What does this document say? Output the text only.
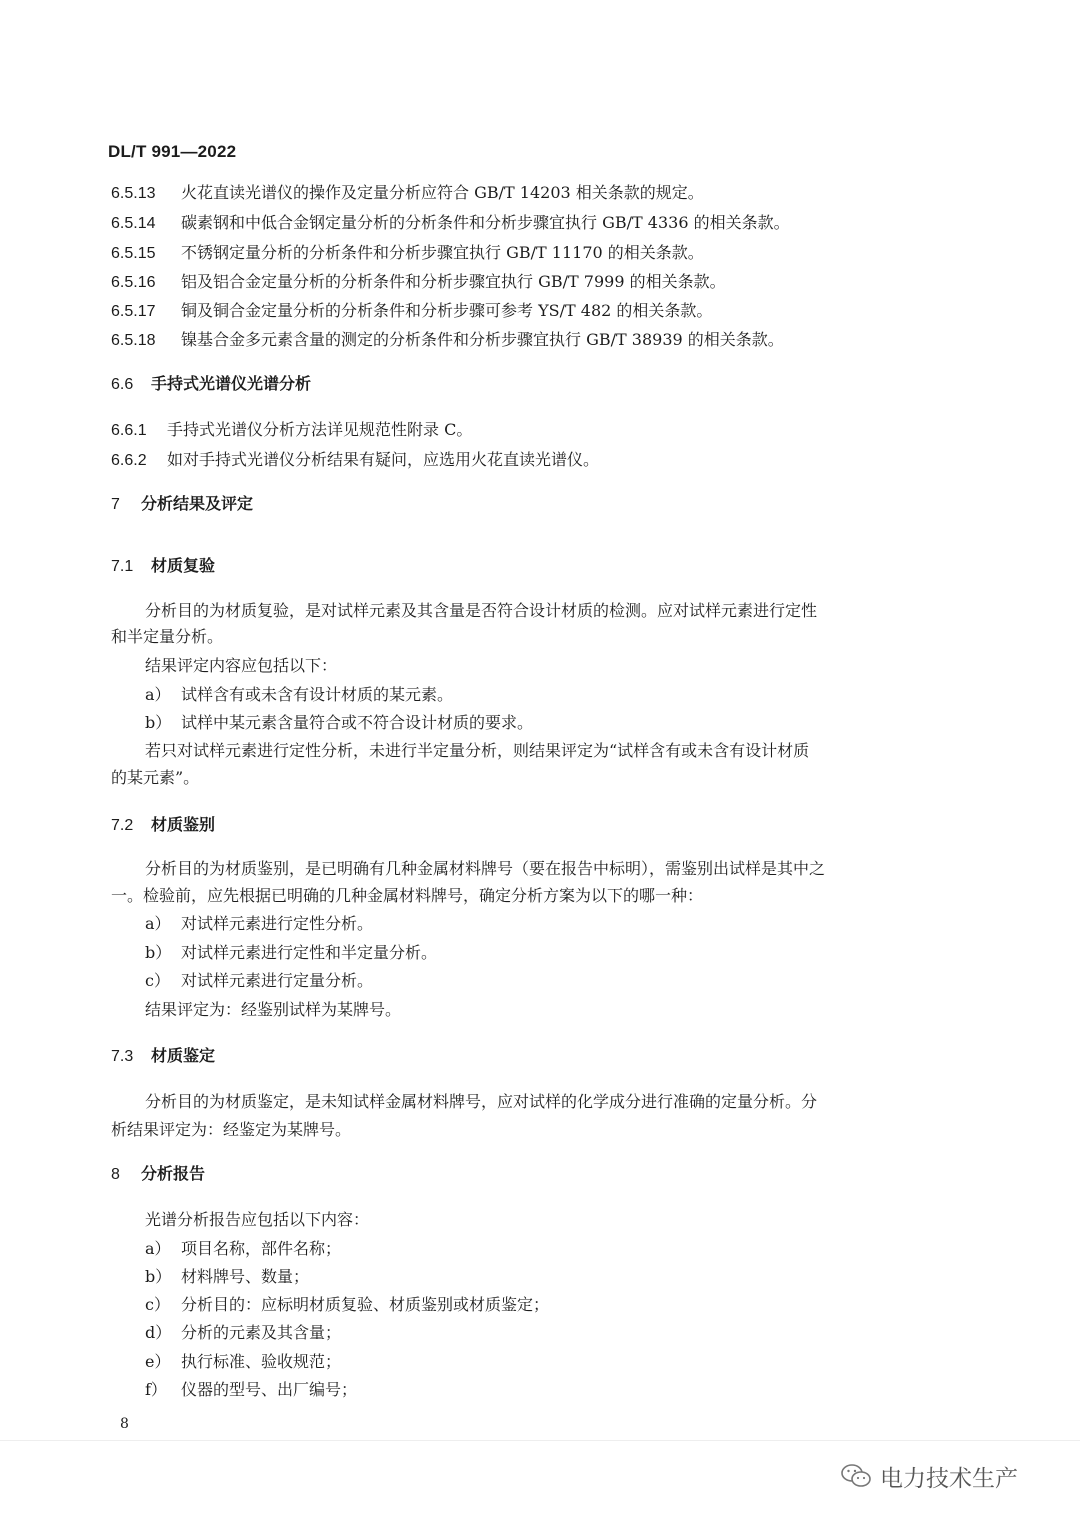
DL/T 991—2022
6.5.13 火花直读光谱仪的操作及定量分析应符合 GB/T 14203 相关条款的规定。
6.5.14 碳素钢和中低合金钢定量分析的分析条件和分析步骤宜执行 GB/T 4336 的相关条款。
6.5.15 不锈钢定量分析的分析条件和分析步骤宜执行 GB/T 11170 的相关条款。
6.5.16 铝及铝合金定量分析的分析条件和分析步骤宜执行 GB/T 7999 的相关条款。
6.5.17 铜及铜合金定量分析的分析条件和分析步骤可参考 YS/T 482 的相关条款。
6.5.18 镍基合金多元素含量的测定的分析条件和分析步骤宜执行 GB/T 38939 的相关条款。
6.6 手持式光谱仪光谱分析
6.6.1 手持式光谱仪分析方法详见规范性附录 C。
6.6.2 如对手持式光谱仪分析结果有疑问，应选用火花直读光谱仪。
7 分析结果及评定
7.1 材质复验
分析目的为材质复验，是对试样元素及其含量是否符合设计材质的检测。应对试样元素进行定性
和半定量分析。
结果评定内容应包括以下：
a） 试样含有或未含有设计材质的某元素。
b） 试样中某元素含量符合或不符合设计材质的要求。
若只对试样元素进行定性分析，未进行半定量分析，则结果评定为“试样含有或未含有设计材质
的某元素”。
7.2 材质鉴别
分析目的为材质鉴别，是已明确有几种金属材料牌号（要在报告中标明），需鉴别出试样是其中之
一。检验前，应先根据已明确的几种金属材料牌号，确定分析方案为以下的哪一种：
a） 对试样元素进行定性分析。
b） 对试样元素进行定性和半定量分析。
c） 对试样元素进行定量分析。
结果评定为：经鉴别试样为某牌号。
7.3 材质鉴定
分析目的为材质鉴定，是未知试样金属材料牌号，应对试样的化学成分进行准确的定量分析。分
析结果评定为：经鉴定为某牌号。
8 分析报告
光谱分析报告应包括以下内容：
a） 项目名称，部件名称；
b） 材料牌号、数量；
c） 分析目的：应标明材质复验、材质鉴别或材质鉴定；
d） 分析的元素及其含量；
e） 执行标准、验收规范；
f） 仪器的型号、出厂编号；
8
电力技术生产
